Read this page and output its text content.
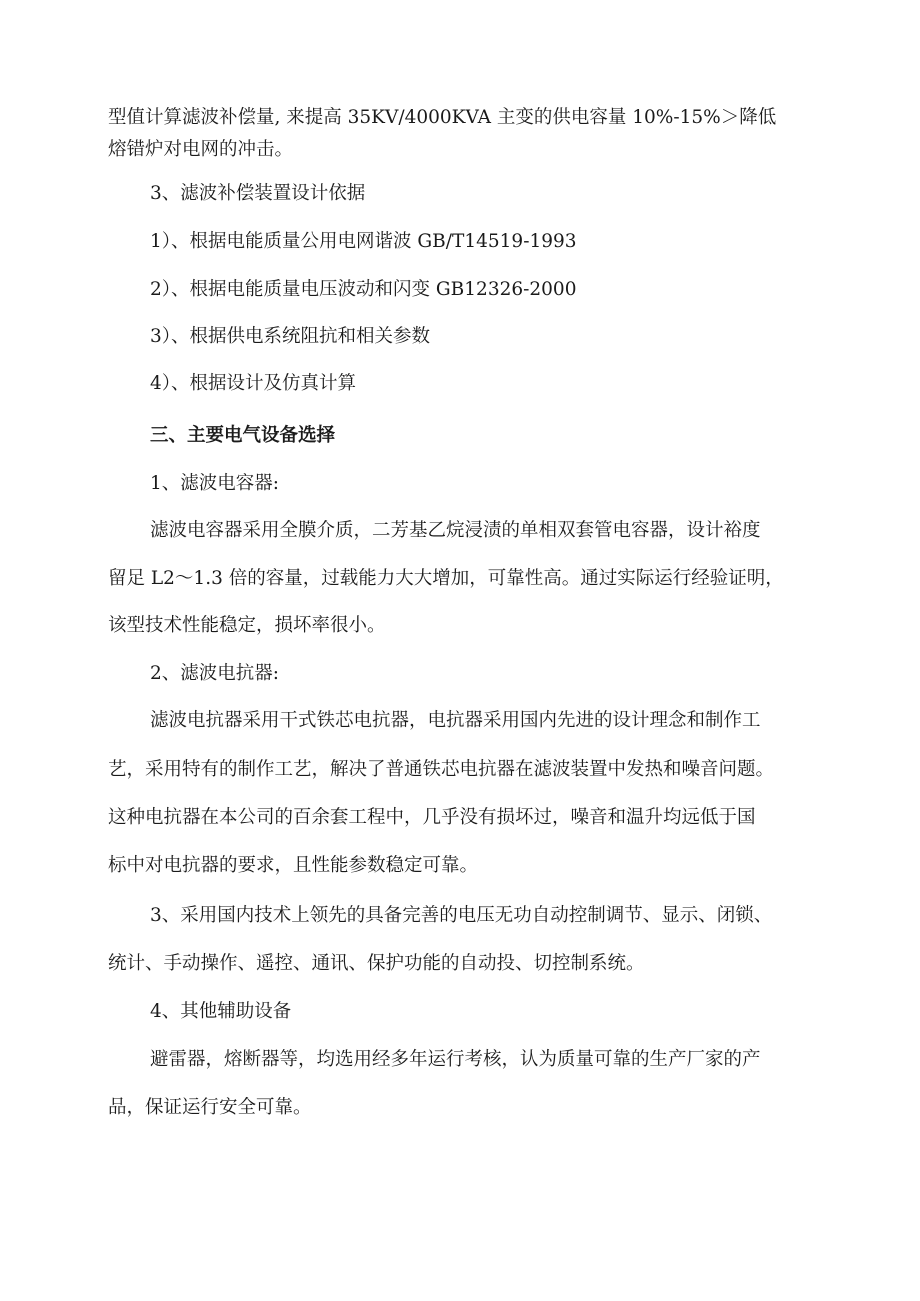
型值计算滤波补偿量, 来提高 35KV/4000KVA 主变的供电容量 10%-15%＞降低

熔错炉对电网的冲击。

3、滤波补偿装置设计依据

1）、根据电能质量公用电网谐波 GB/T14519-1993

2）、根据电能质量电压波动和闪变 GB12326-2000

3）、根据供电系统阻抗和相关参数

4）、根据设计及仿真计算

三、主要电气设备选择

1、滤波电容器:

滤波电容器采用全膜介质，二芳基乙烷浸渍的单相双套管电容器，设计裕度

留足 L2～1.3 倍的容量，过载能力大大增加，可靠性高。通过实际运行经验证明，

该型技术性能稳定，损坏率很小。

2、滤波电抗器:

滤波电抗器采用干式铁芯电抗器，电抗器采用国内先进的设计理念和制作工

艺，采用特有的制作工艺，解决了普通铁芯电抗器在滤波装置中发热和噪音问题。

这种电抗器在本公司的百余套工程中，几乎没有损坏过，噪音和温升均远低于国

标中对电抗器的要求，且性能参数稳定可靠。

3、采用国内技术上领先的具备完善的电压无功自动控制调节、显示、闭锁、

统计、手动操作、遥控、通讯、保护功能的自动投、切控制系统。

4、其他辅助设备

避雷器，熔断器等，均选用经多年运行考核，认为质量可靠的生产厂家的产

品，保证运行安全可靠。
